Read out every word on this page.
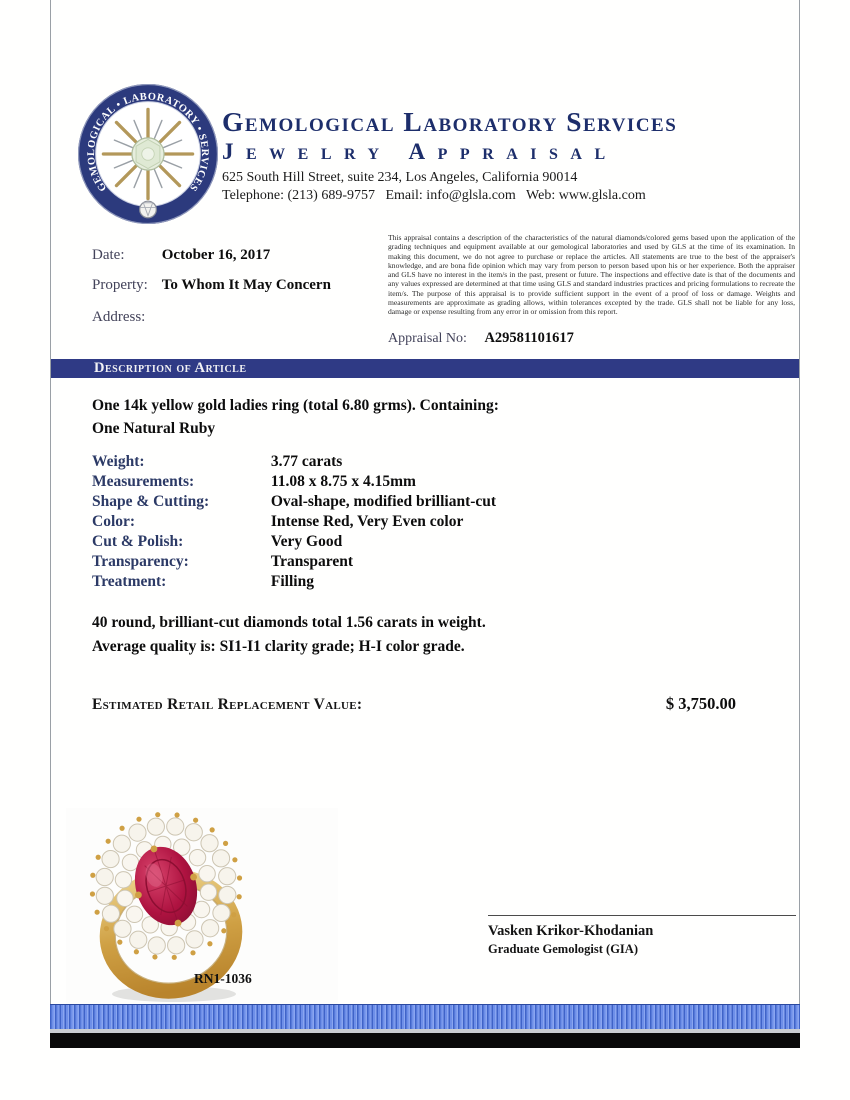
GEMOLOGICAL • LABORATORY • SERVICES
Gemological Laboratory Services
Jewelry Appraisal
625 South Hill Street, suite 234, Los Angeles, California 90014
Telephone: (213) 689-9757  Email: info@glsla.com  Web: www.glsla.com
Date: October 16, 2017
Property: To Whom It May Concern
Address:
This appraisal contains a description of the characteristics of the natural diamonds/colored gems based upon the application of the grading techniques and equipment available at our gemological laboratories and used by GLS at the time of its examination. In making this document, we do not agree to purchase or replace the articles. All statements are true to the best of the appraiser's knowledge, and are bona fide opinion which may vary from person to person based upon his or her experience. Both the appraiser and GLS have no interest in the item/s in the past, present or future. The inspections and effective date is that of the documents and any values expressed are determined at that time using GLS and standard industries practices and pricing formulations to recreate the item/s. The purpose of this appraisal is to provide sufficient support in the event of a proof of loss or damage. Weights and measurements are approximate as grading allows, within tolerances excepted by the trade. GLS shall not be liable for any loss, damage or expense resulting from any error in or omission from this report.
Appraisal No: A29581101617
Description of Article
One 14k yellow gold ladies ring (total 6.80 grms). Containing:
One Natural Ruby
Weight:	3.77 carats
Measurements:	11.08 x 8.75 x 4.15mm
Shape & Cutting:	Oval-shape, modified brilliant-cut
Color:	Intense Red, Very Even color
Cut & Polish:	Very Good
Transparency:	Transparent
Treatment:	Filling
40 round, brilliant-cut diamonds total 1.56 carats in weight.
Average quality is: SI1-I1 clarity grade; H-I color grade.
Estimated Retail Replacement Value:	$ 3,750.00
RN1-1036
Vasken Krikor-Khodanian
Graduate Gemologist (GIA)
